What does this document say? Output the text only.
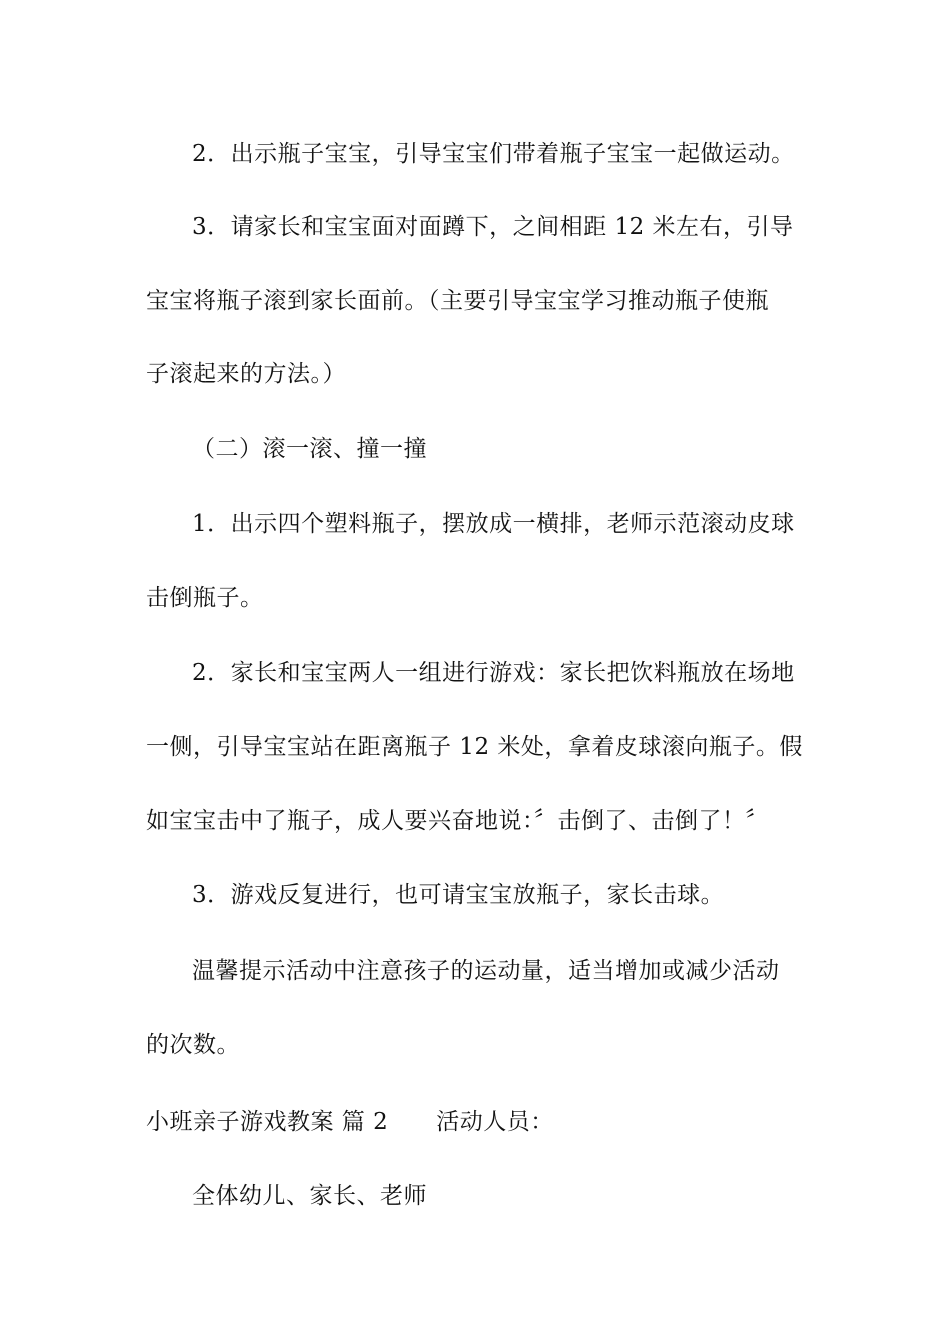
2．出示瓶子宝宝，引导宝宝们带着瓶子宝宝一起做运动。
3．请家长和宝宝面对面蹲下，之间相距 12 米左右，引导
宝宝将瓶子滚到家长面前。（主要引导宝宝学习推动瓶子使瓶
子滚起来的方法。）
（二）滚一滚、撞一撞
1．出示四个塑料瓶子，摆放成一横排，老师示范滚动皮球
击倒瓶子。
2．家长和宝宝两人一组进行游戏：家长把饮料瓶放在场地
一侧，引导宝宝站在距离瓶子 12 米处，拿着皮球滚向瓶子。假
如宝宝击中了瓶子，成人要兴奋地说：〞击倒了、击倒了！〞
3．游戏反复进行，也可请宝宝放瓶子，家长击球。
温馨提示活动中注意孩子的运动量，适当增加或减少活动
的次数。
小班亲子游戏教案 篇 2 活动人员：
全体幼儿、家长、老师
